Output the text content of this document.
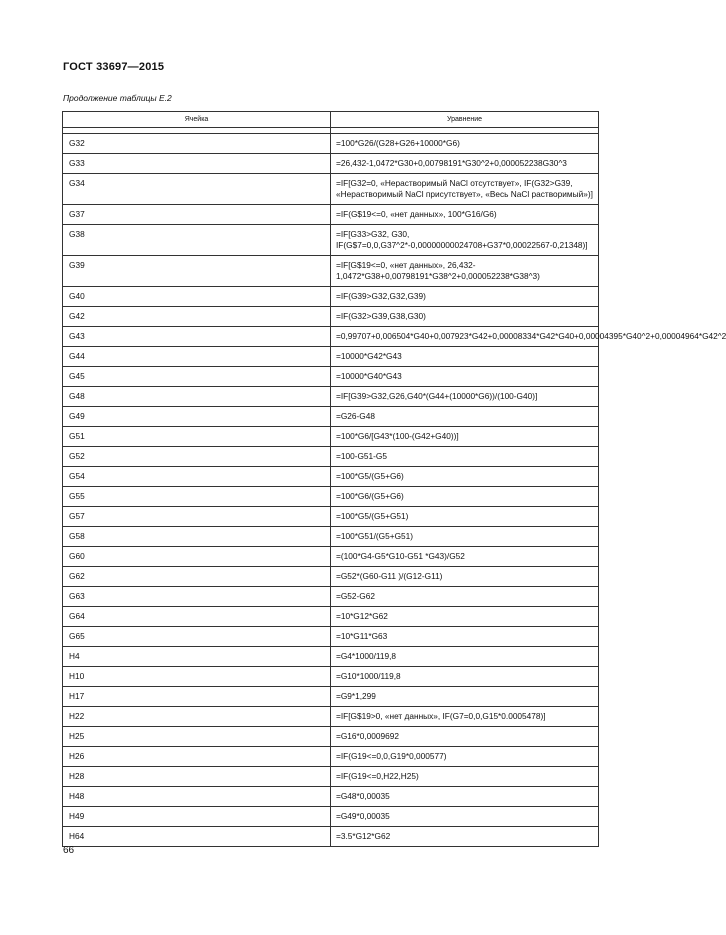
ГОСТ 33697—2015
Продолжение таблицы Е.2
Ячейка	Уравнение

G32	=100*G26/(G28+G26+10000*G6)
G33	=26,432-1,0472*G30+0,00798191*G30^2+0,000052238G30^3
G34	=IF[G32=0, «Нерастворимый NaCl отсутствует», IF(G32>G39, «Нерастворимый NaCl присутствует», «Весь NaCl растворимый»)]
G37	=IF(G$19<=0, «нет данных», 100*G16/G6)
G38	=IF[G33>G32, G30, IF(G$7=0,0,G37^2*-0,00000000024708+G37*0,00022567-0,21348)]
G39	=IF[G$19<=0, «нет данных», 26,432-1,0472*G38+0,00798191*G38^2+0,000052238*G38^3)
G40	=IF(G39>G32,G32,G39)
G42	=IF(G32>G39,G38,G30)
G43	=0,99707+0,006504*G40+0,007923*G42+0,00008334*G42*G40+0,00004395*G40^2+0,00004964*G42^2
G44	=10000*G42*G43
G45	=10000*G40*G43
G48	=IF[G39>G32,G26,G40*(G44+(10000*G6))/(100-G40)]
G49	=G26-G48
G51	=100*G6/[G43*(100-(G42+G40))]
G52	=100-G51-G5
G54	=100*G5/(G5+G6)
G55	=100*G6/(G5+G6)
G57	=100*G5/(G5+G51)
G58	=100*G51/(G5+G51)
G60	=(100*G4-G5*G10-G51 *G43)/G52
G62	=G52*(G60-G11 )/(G12-G11)
G63	=G52-G62
G64	=10*G12*G62
G65	=10*G11*G63
H4	=G4*1000/119,8
H10	=G10*1000/119,8
H17	=G9*1,299
H22	=IF[G$19>0, «нет данных», IF(G7=0,0,G15*0.0005478)]
H25	=G16*0,0009692
H26	=IF(G19<=0,0,G19*0,000577)
H28	=IF(G19<=0,H22,H25)
H48	=G48*0,00035
H49	=G49*0,00035
H64	=3.5*G12*G62
66
